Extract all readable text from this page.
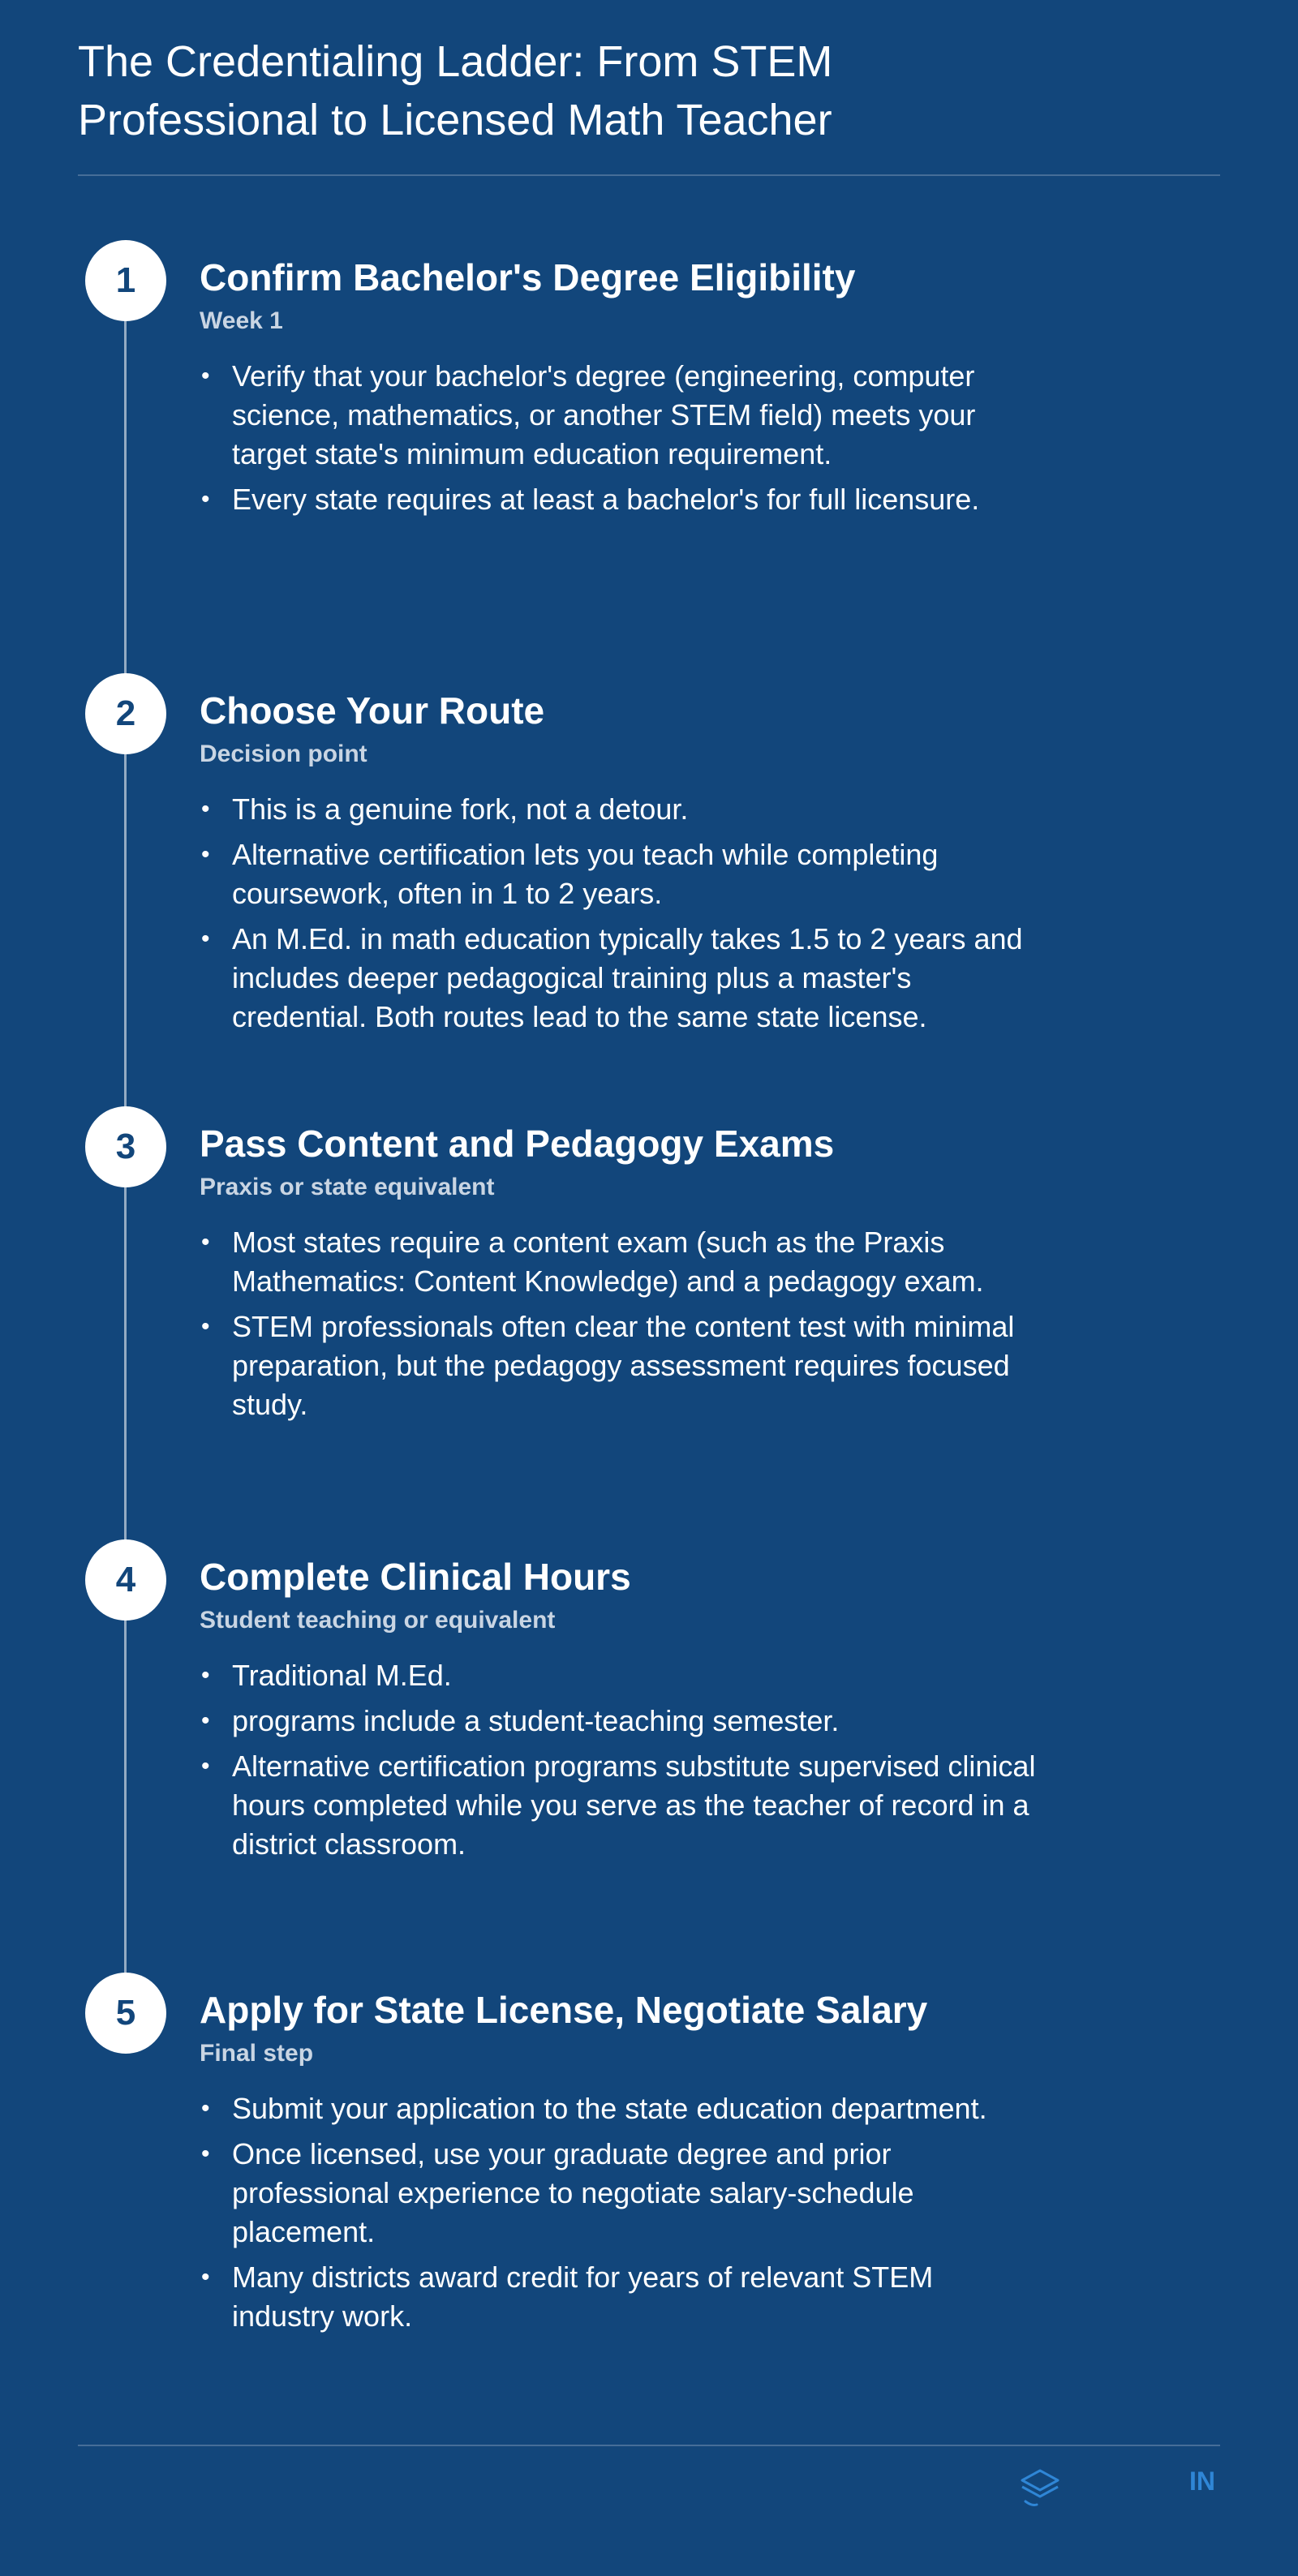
The Credentialing Ladder: From STEM Professional to Licensed Math Teacher
1	Confirm Bachelor's Degree Eligibility
Week 1
• Verify that your bachelor's degree (engineering, computer science, mathematics, or another STEM field) meets your target state's minimum education requirement.
• Every state requires at least a bachelor's for full licensure.
2	Choose Your Route
Decision point
• This is a genuine fork, not a detour.
• Alternative certification lets you teach while completing coursework, often in 1 to 2 years.
• An M.Ed. in math education typically takes 1.5 to 2 years and includes deeper pedagogical training plus a master's credential. Both routes lead to the same state license.
3	Pass Content and Pedagogy Exams
Praxis or state equivalent
• Most states require a content exam (such as the Praxis Mathematics: Content Knowledge) and a pedagogy exam.
• STEM professionals often clear the content test with minimal preparation, but the pedagogy assessment requires focused study.
4	Complete Clinical Hours
Student teaching or equivalent
• Traditional M.Ed.
• programs include a student-teaching semester.
• Alternative certification programs substitute supervised clinical hours completed while you serve as the teacher of record in a district classroom.
5	Apply for State License, Negotiate Salary
Final step
• Submit your application to the state education department.
• Once licensed, use your graduate degree and prior professional experience to negotiate salary-schedule placement.
• Many districts award credit for years of relevant STEM industry work.
IN
